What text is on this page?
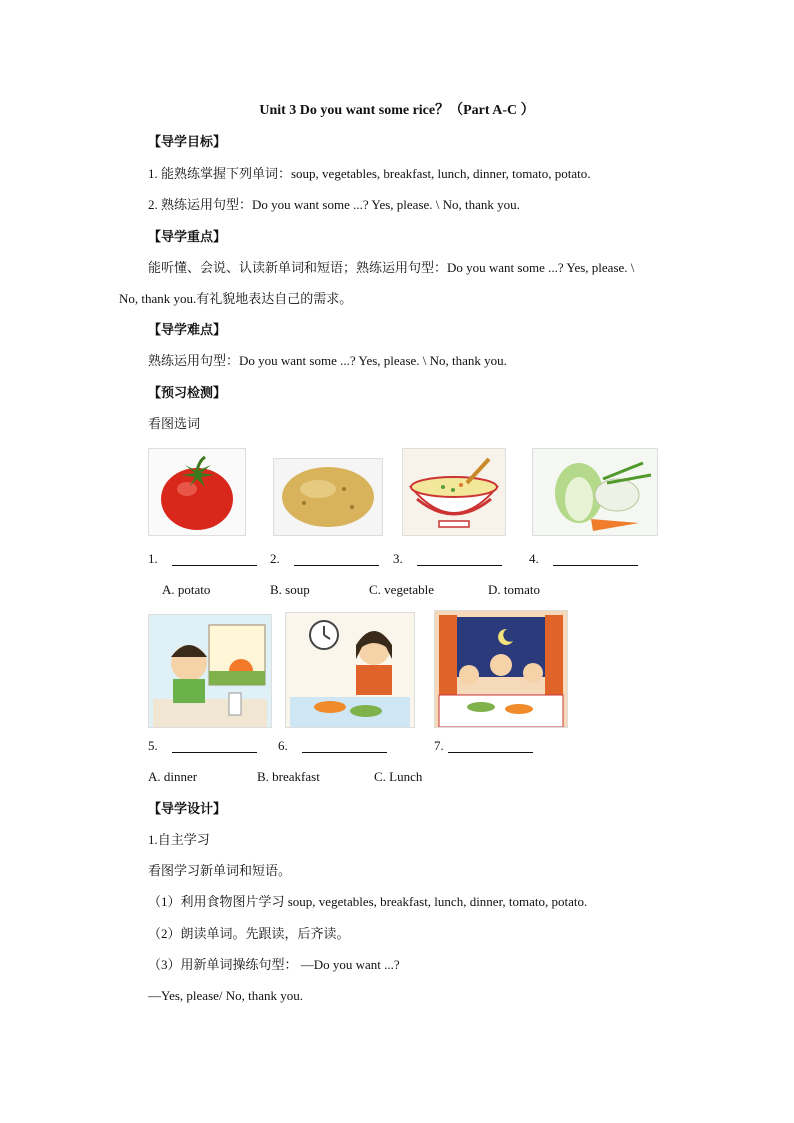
Unit 3 Do you want some rice？（Part A-C ）
【导学目标】
1. 能熟练掌握下列单词：soup, vegetables, breakfast, lunch, dinner, tomato, potato.
2. 熟练运用句型：Do you want some ...? Yes, please. \ No, thank you.
【导学重点】
能听懂、会说、认读新单词和短语；熟练运用句型：Do you want some ...? Yes, please. \
No, thank you.有礼貌地表达自己的需求。
【导学难点】
熟练运用句型：Do you want some ...? Yes, please. \ No, thank you.
【预习检测】
看图选词
1.	2.	3.	4.
A. potato	B. soup	C. vegetable	D. tomato
5.	6.	7.
A. dinner	B. breakfast	C. Lunch
【导学设计】
1.自主学习
看图学习新单词和短语。
（1）利用食物图片学习 soup, vegetables, breakfast, lunch, dinner, tomato, potato.
（2）朗读单词。先跟读，后齐读。
（3）用新单词操练句型： —Do you want ...?
—Yes, please/ No, thank you.
